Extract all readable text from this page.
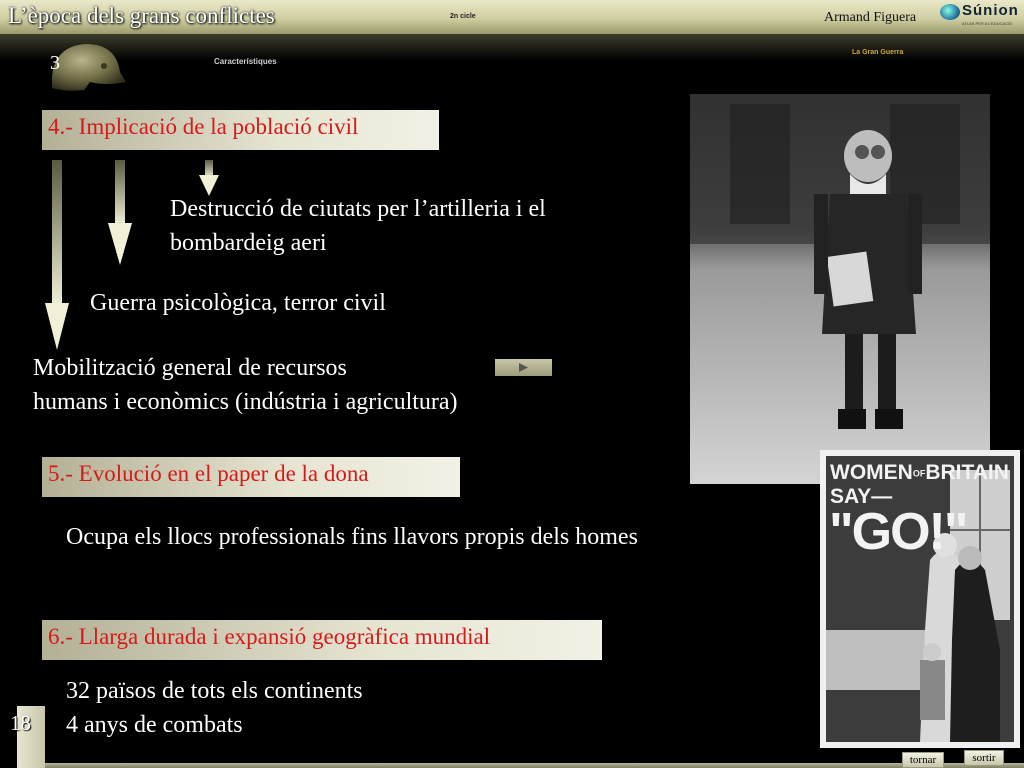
L’època dels grans conflictes	2n cicle	Armand Figuera	Súnion
ATLAS PER A L'EDUCACIÓ
Característiques
La Gran Guerra
3
4.- Implicació de la població civil
Destrucció de ciutats per l’artilleria i el
bombardeig aeri
Guerra psicològica, terror civil
Mobilització general de recursos
humans i econòmics (indústria i agricultura)
WOMENOFBRITAIN
SAY—
"GO!"
5.- Evolució en el paper de la dona
Ocupa els llocs professionals fins llavors propis dels homes
6.- Llarga durada i expansió geogràfica mundial
32 països de tots els continents
4 anys de combats
18
tornar	sortir
